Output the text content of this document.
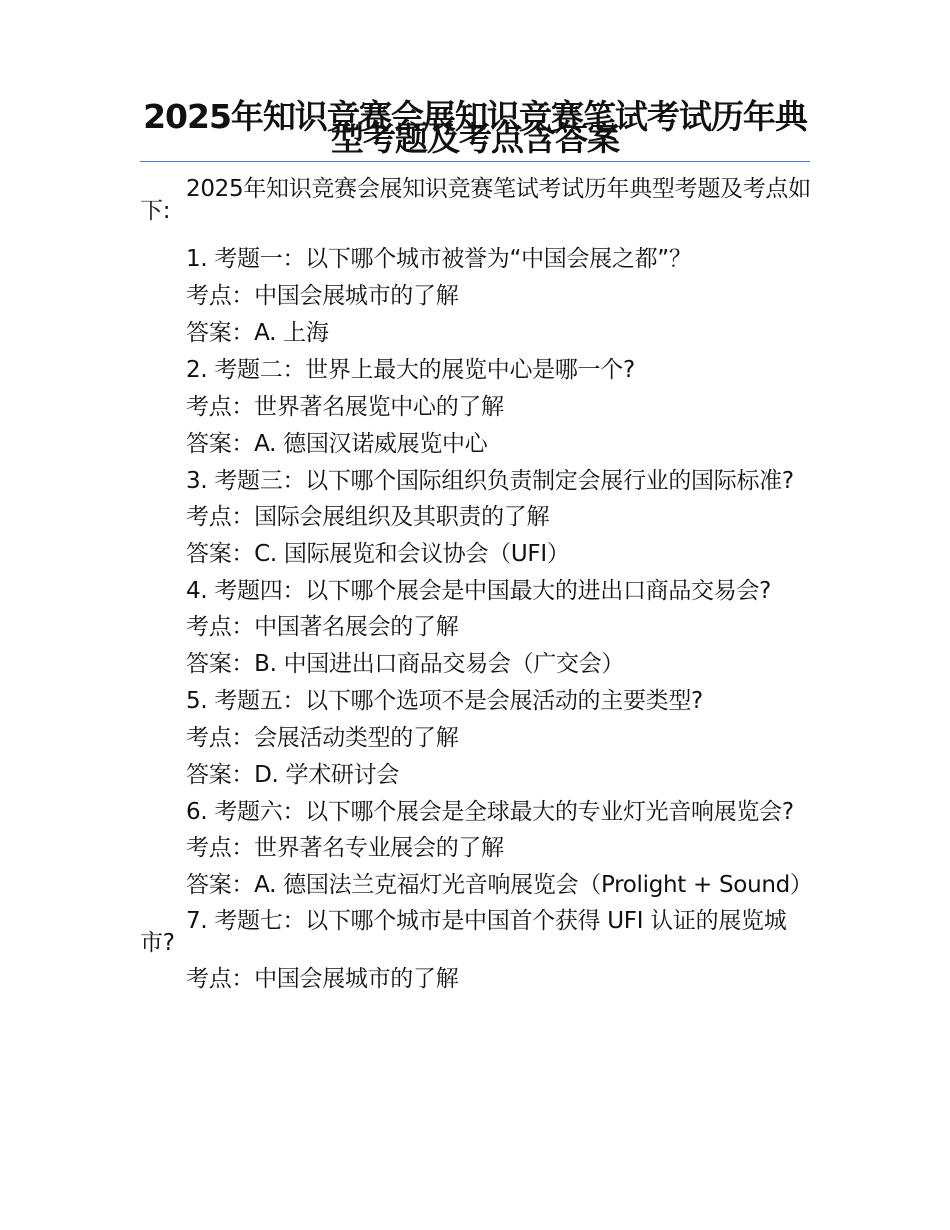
2025年知识竞赛会展知识竞赛笔试考试历年典型考题及考点含答案

2025年知识竞赛会展知识竞赛笔试考试历年典型考题及考点如下:

1. 考题一：以下哪个城市被誉为“中国会展之都”？

考点：中国会展城市的了解

答案：A. 上海

2. 考题二：世界上最大的展览中心是哪一个?

考点：世界著名展览中心的了解

答案：A. 德国汉诺威展览中心

3. 考题三：以下哪个国际组织负责制定会展行业的国际标准?

考点：国际会展组织及其职责的了解

答案：C. 国际展览和会议协会（UFI）

4. 考题四：以下哪个展会是中国最大的进出口商品交易会?

考点：中国著名展会的了解

答案：B. 中国进出口商品交易会（广交会）

5. 考题五：以下哪个选项不是会展活动的主要类型?

考点：会展活动类型的了解

答案：D. 学术研讨会

6. 考题六：以下哪个展会是全球最大的专业灯光音响展览会?

考点：世界著名专业展会的了解

答案：A. 德国法兰克福灯光音响展览会（Prolight + Sound）

7. 考题七：以下哪个城市是中国首个获得 UFI 认证的展览城市?

考点：中国会展城市的了解
